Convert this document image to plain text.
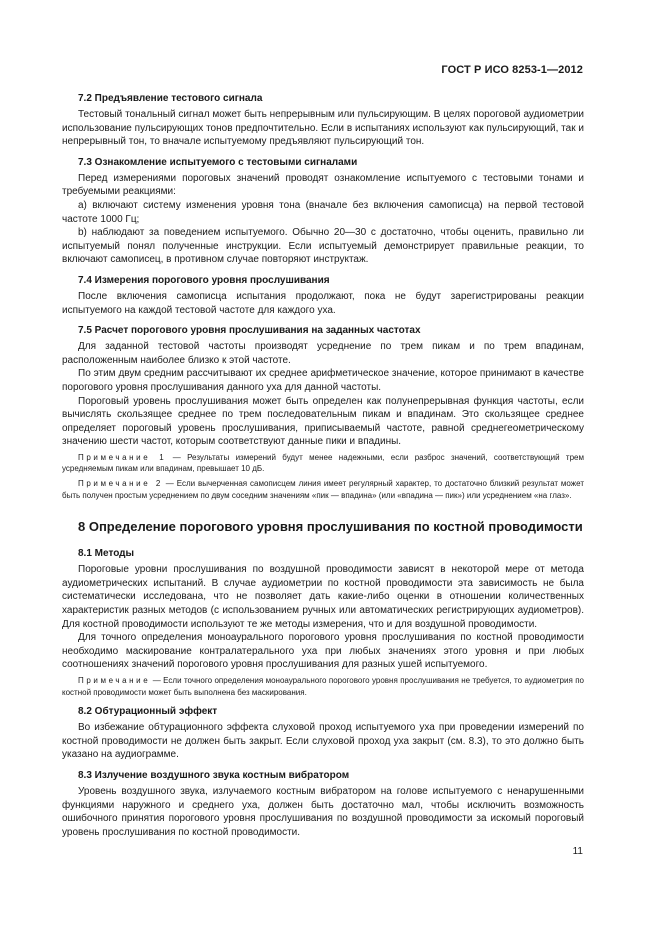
ГОСТ Р ИСО 8253-1—2012

7.2 Предъявление тестового сигнала

Тестовый тональный сигнал может быть непрерывным или пульсирующим. В целях пороговой аудиометрии использование пульсирующих тонов предпочтительно. Если в испытаниях используют как пульсирующий, так и непрерывный тон, то вначале испытуемому предъявляют пульсирующий тон.

7.3 Ознакомление испытуемого с тестовыми сигналами

Перед измерениями пороговых значений проводят ознакомление испытуемого с тестовыми тонами и требуемыми реакциями:

a) включают систему изменения уровня тона (вначале без включения самописца) на первой тестовой частоте 1000 Гц;

b) наблюдают за поведением испытуемого. Обычно 20—30 с достаточно, чтобы оценить, правильно ли испытуемый понял полученные инструкции. Если испытуемый демонстрирует правильные реакции, то включают самописец, в противном случае повторяют инструктаж.

7.4 Измерения порогового уровня прослушивания

После включения самописца испытания продолжают, пока не будут зарегистрированы реакции испытуемого на каждой тестовой частоте для каждого уха.

7.5 Расчет порогового уровня прослушивания на заданных частотах

Для заданной тестовой частоты производят усреднение по трем пикам и по трем впадинам, расположенным наиболее близко к этой частоте.

По этим двум средним рассчитывают их среднее арифметическое значение, которое принимают в качестве порогового уровня прослушивания данного уха для данной частоты.

Пороговый уровень прослушивания может быть определен как полунепрерывная функция частоты, если вычислять скользящее среднее по трем последовательным пикам и впадинам. Это скользящее среднее определяет пороговый уровень прослушивания, приписываемый частоте, равной среднегеометрическому значению шести частот, которым соответствуют данные пики и впадины.

Примечание 1 — Результаты измерений будут менее надежными, если разброс значений, соответствующий трем усредняемым пикам или впадинам, превышает 10 дБ.

Примечание 2 — Если вычерченная самописцем линия имеет регулярный характер, то достаточно близкий результат может быть получен простым усреднением по двум соседним значениям «пик — впадина» (или «впадина — пик») или усреднением «на глаз».

8 Определение порогового уровня прослушивания по костной проводимости

8.1 Методы

Пороговые уровни прослушивания по воздушной проводимости зависят в некоторой мере от метода аудиометрических испытаний. В случае аудиометрии по костной проводимости эта зависимость не была систематически исследована, что не позволяет дать какие-либо оценки в отношении количественных характеристик разных методов (с использованием ручных или автоматических регистрирующих аудиометров). Для костной проводимости используют те же методы измерения, что и для воздушной проводимости.

Для точного определения моноаурального порогового уровня прослушивания по костной проводимости необходимо маскирование контралатерального уха при любых значениях этого уровня и при любых соотношениях значений порогового уровня прослушивания для разных ушей испытуемого.

Примечание — Если точного определения моноаурального порогового уровня прослушивания не требуется, то аудиометрия по костной проводимости может быть выполнена без маскирования.

8.2 Обтурационный эффект

Во избежание обтурационного эффекта слуховой проход испытуемого уха при проведении измерений по костной проводимости не должен быть закрыт. Если слуховой проход уха закрыт (см. 8.3), то это должно быть указано на аудиограмме.

8.3 Излучение воздушного звука костным вибратором

Уровень воздушного звука, излучаемого костным вибратором на голове испытуемого с ненарушенными функциями наружного и среднего уха, должен быть достаточно мал, чтобы исключить возможность ошибочного принятия порогового уровня прослушивания по воздушной проводимости за искомый пороговый уровень прослушивания по костной проводимости.

11
